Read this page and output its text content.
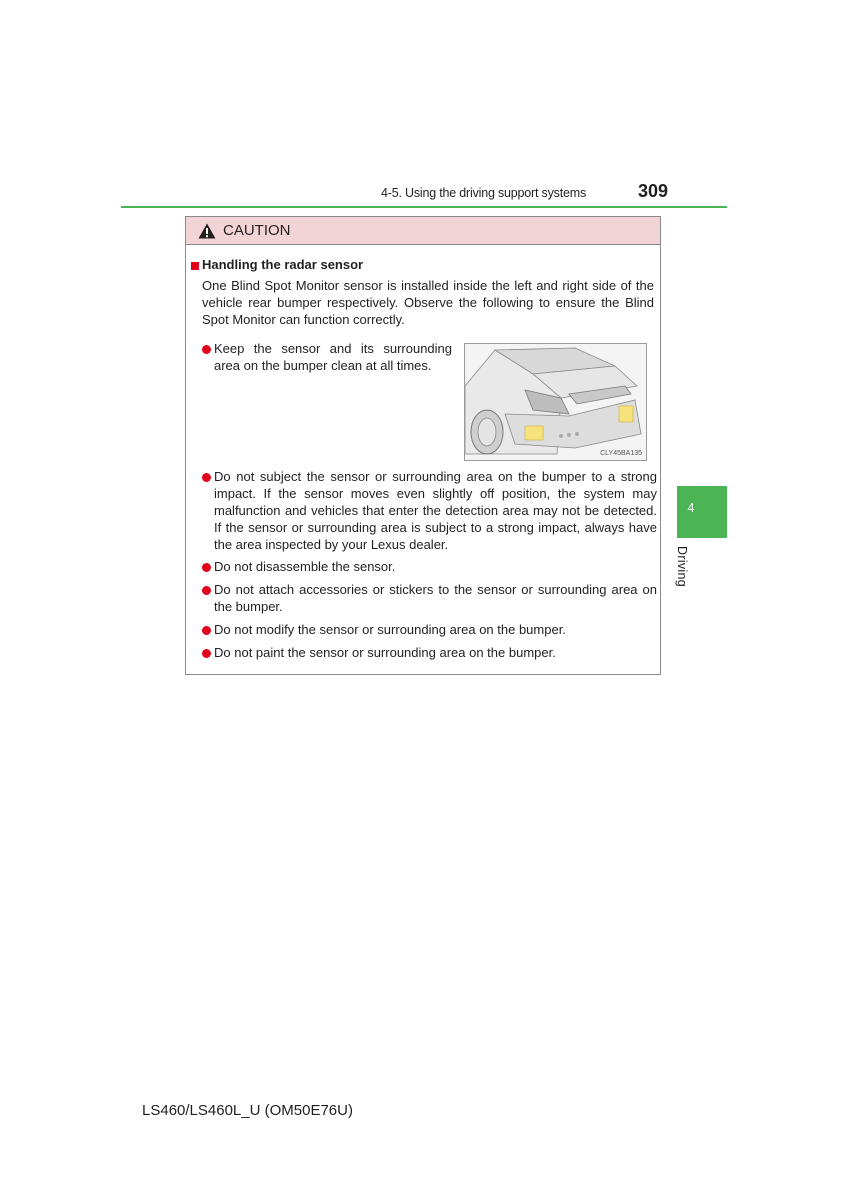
4-5. Using the driving support systems	309
4
Driving
CAUTION
Handling the radar sensor
One Blind Spot Monitor sensor is installed inside the left and right side of the vehicle rear bumper respectively. Observe the following to ensure the Blind Spot Monitor can function correctly.
Keep the sensor and its surrounding area on the bumper clean at all times.
CLY45BA135
Do not subject the sensor or surrounding area on the bumper to a strong impact. If the sensor moves even slightly off position, the system may malfunction and vehicles that enter the detection area may not be detected. If the sensor or surrounding area is subject to a strong impact, always have the area inspected by your Lexus dealer.
Do not disassemble the sensor.
Do not attach accessories or stickers to the sensor or surrounding area on the bumper.
Do not modify the sensor or surrounding area on the bumper.
Do not paint the sensor or surrounding area on the bumper.
LS460/LS460L_U (OM50E76U)
